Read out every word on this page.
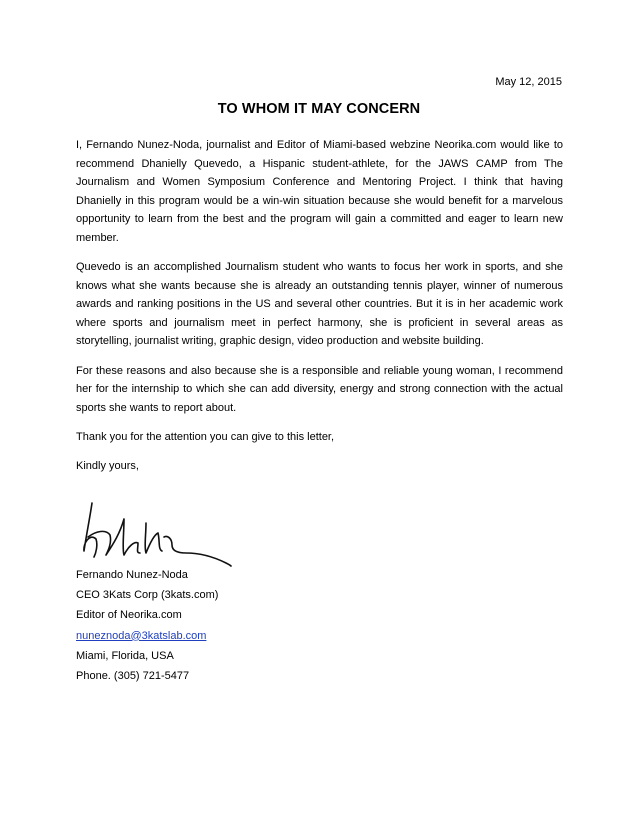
May 12, 2015
TO WHOM IT MAY CONCERN

I, Fernando Nunez-Noda, journalist and Editor of Miami-based webzine Neorika.com would like to recommend Dhanielly Quevedo, a Hispanic student-athlete, for the JAWS CAMP from The Journalism and Women Symposium Conference and Mentoring Project. I think that having Dhanielly in this program would be a win-win situation because she would benefit for a marvelous opportunity to learn from the best and the program will gain a committed and eager to learn new member.

Quevedo is an accomplished Journalism student who wants to focus her work in sports, and she knows what she wants because she is already an outstanding tennis player, winner of numerous awards and ranking positions in the US and several other countries. But it is in her academic work where sports and journalism meet in perfect harmony, she is proficient in several areas as storytelling, journalist writing, graphic design, video production and website building.

For these reasons and also because she is a responsible and reliable young woman, I recommend her for the internship to which she can add diversity, energy and strong connection with the actual sports she wants to report about.

Thank you for the attention you can give to this letter,

Kindly yours,

Fernando Nunez-Noda
CEO 3Kats Corp (3kats.com)
Editor of Neorika.com
nuneznoda@3katslab.com
Miami, Florida, USA
Phone. (305) 721-5477
